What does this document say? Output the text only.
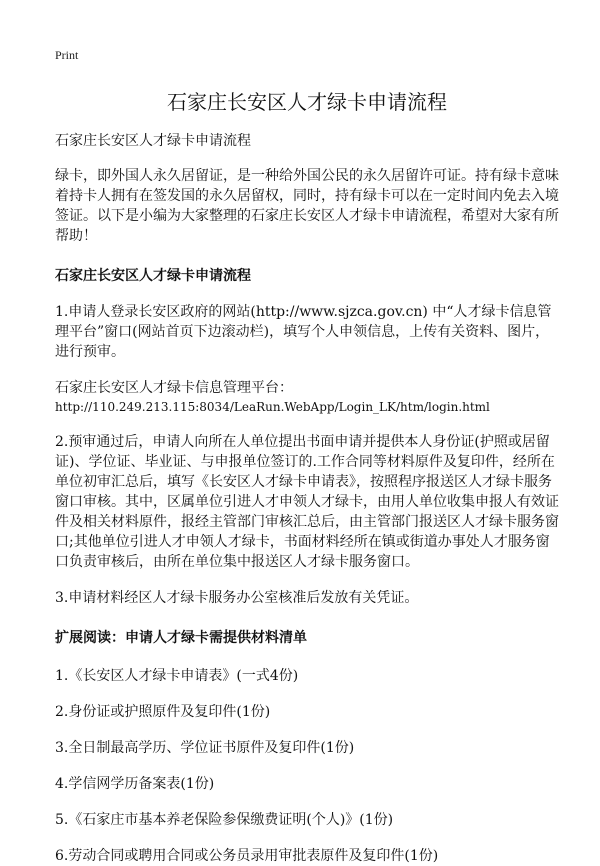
Print
石家庄长安区人才绿卡申请流程

石家庄长安区人才绿卡申请流程

绿卡，即外国人永久居留证，是一种给外国公民的永久居留许可证。持有绿卡意味着持卡人拥有在签发国的永久居留权，同时，持有绿卡可以在一定时间内免去入境签证。以下是小编为大家整理的石家庄长安区人才绿卡申请流程，希望对大家有所帮助！

石家庄长安区人才绿卡申请流程

1.申请人登录长安区政府的网站(http://www.sjzca.gov.cn) 中“人才绿卡信息管理平台”窗口(网站首页下边滚动栏)，填写个人申领信息，上传有关资料、图片，进行预审。

石家庄长安区人才绿卡信息管理平台：
http://110.249.213.115:8034/LeaRun.WebApp/Login_LK/htm/login.html

2.预审通过后，申请人向所在人单位提出书面申请并提供本人身份证(护照或居留证)、学位证、毕业证、与申报单位签订的.工作合同等材料原件及复印件，经所在单位初审汇总后，填写《长安区人才绿卡申请表》，按照程序报送区人才绿卡服务窗口审核。其中，区属单位引进人才申领人才绿卡，由用人单位收集申报人有效证件及相关材料原件，报经主管部门审核汇总后，由主管部门报送区人才绿卡服务窗口;其他单位引进人才申领人才绿卡，书面材料经所在镇或街道办事处人才服务窗口负责审核后，由所在单位集中报送区人才绿卡服务窗口。

3.申请材料经区人才绿卡服务办公室核准后发放有关凭证。

扩展阅读：申请人才绿卡需提供材料清单
1.《长安区人才绿卡申请表》(一式4份)
2.身份证或护照原件及复印件(1份)
3.全日制最高学历、学位证书原件及复印件(1份)
4.学信网学历备案表(1份)
5.《石家庄市基本养老保险参保缴费证明(个人)》(1份)
6.劳动合同或聘用合同或公务员录用审批表原件及复印件(1份)
